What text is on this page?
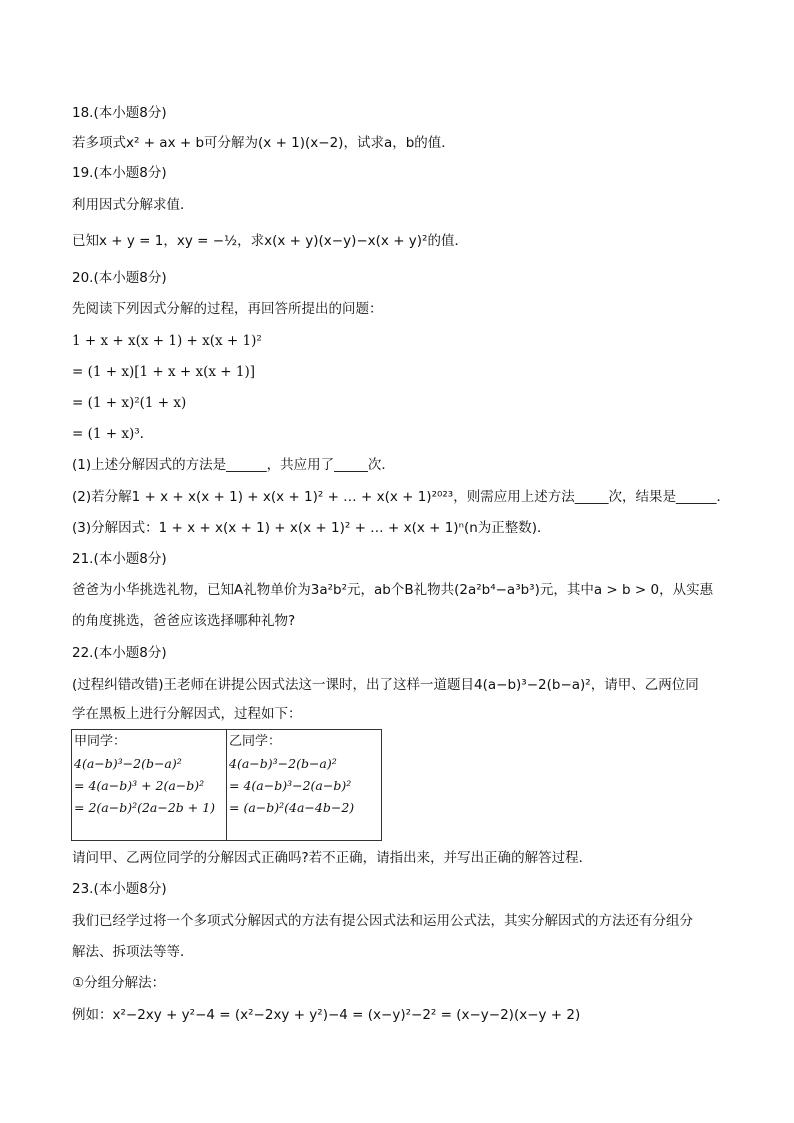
18.(本小题8分)
若多项式x² + ax + b可分解为(x + 1)(x−2)，试求a，b的值．
19.(本小题8分)
利用因式分解求值．
已知x + y = 1，xy = −½，求x(x + y)(x−y)−x(x + y)²的值．
20.(本小题8分)
先阅读下列因式分解的过程，再回答所提出的问题：
1 + x + x(x + 1) + x(x + 1)²
= (1 + x)[1 + x + x(x + 1)]
= (1 + x)²(1 + x)
= (1 + x)³.
(1)上述分解因式的方法是______，共应用了_____次．
(2)若分解1 + x + x(x + 1) + x(x + 1)² + … + x(x + 1)²⁰²³，则需应用上述方法_____次，结果是______．
(3)分解因式：1 + x + x(x + 1) + x(x + 1)² + … + x(x + 1)ⁿ(n为正整数)．
21.(本小题8分)
爸爸为小华挑选礼物，已知A礼物单价为3a²b²元，ab个B礼物共(2a²b⁴−a³b³)元，其中a > b > 0，从实惠
的角度挑选，爸爸应该选择哪种礼物?
22.(本小题8分)
(过程纠错改错)王老师在讲提公因式法这一课时，出了这样一道题目4(a−b)³−2(b−a)²，请甲、乙两位同
学在黑板上进行分解因式，过程如下：
甲同学：
4(a−b)³−2(b−a)²
= 4(a−b)³ + 2(a−b)²
= 2(a−b)²(2a−2b + 1)

乙同学：
4(a−b)³−2(b−a)²
= 4(a−b)³−2(a−b)²
= (a−b)²(4a−4b−2)
请问甲、乙两位同学的分解因式正确吗?若不正确，请指出来，并写出正确的解答过程．
23.(本小题8分)
我们已经学过将一个多项式分解因式的方法有提公因式法和运用公式法，其实分解因式的方法还有分组分
解法、拆项法等等．
①分组分解法：
例如：x²−2xy + y²−4 = (x²−2xy + y²)−4 = (x−y)²−2² = (x−y−2)(x−y + 2)
